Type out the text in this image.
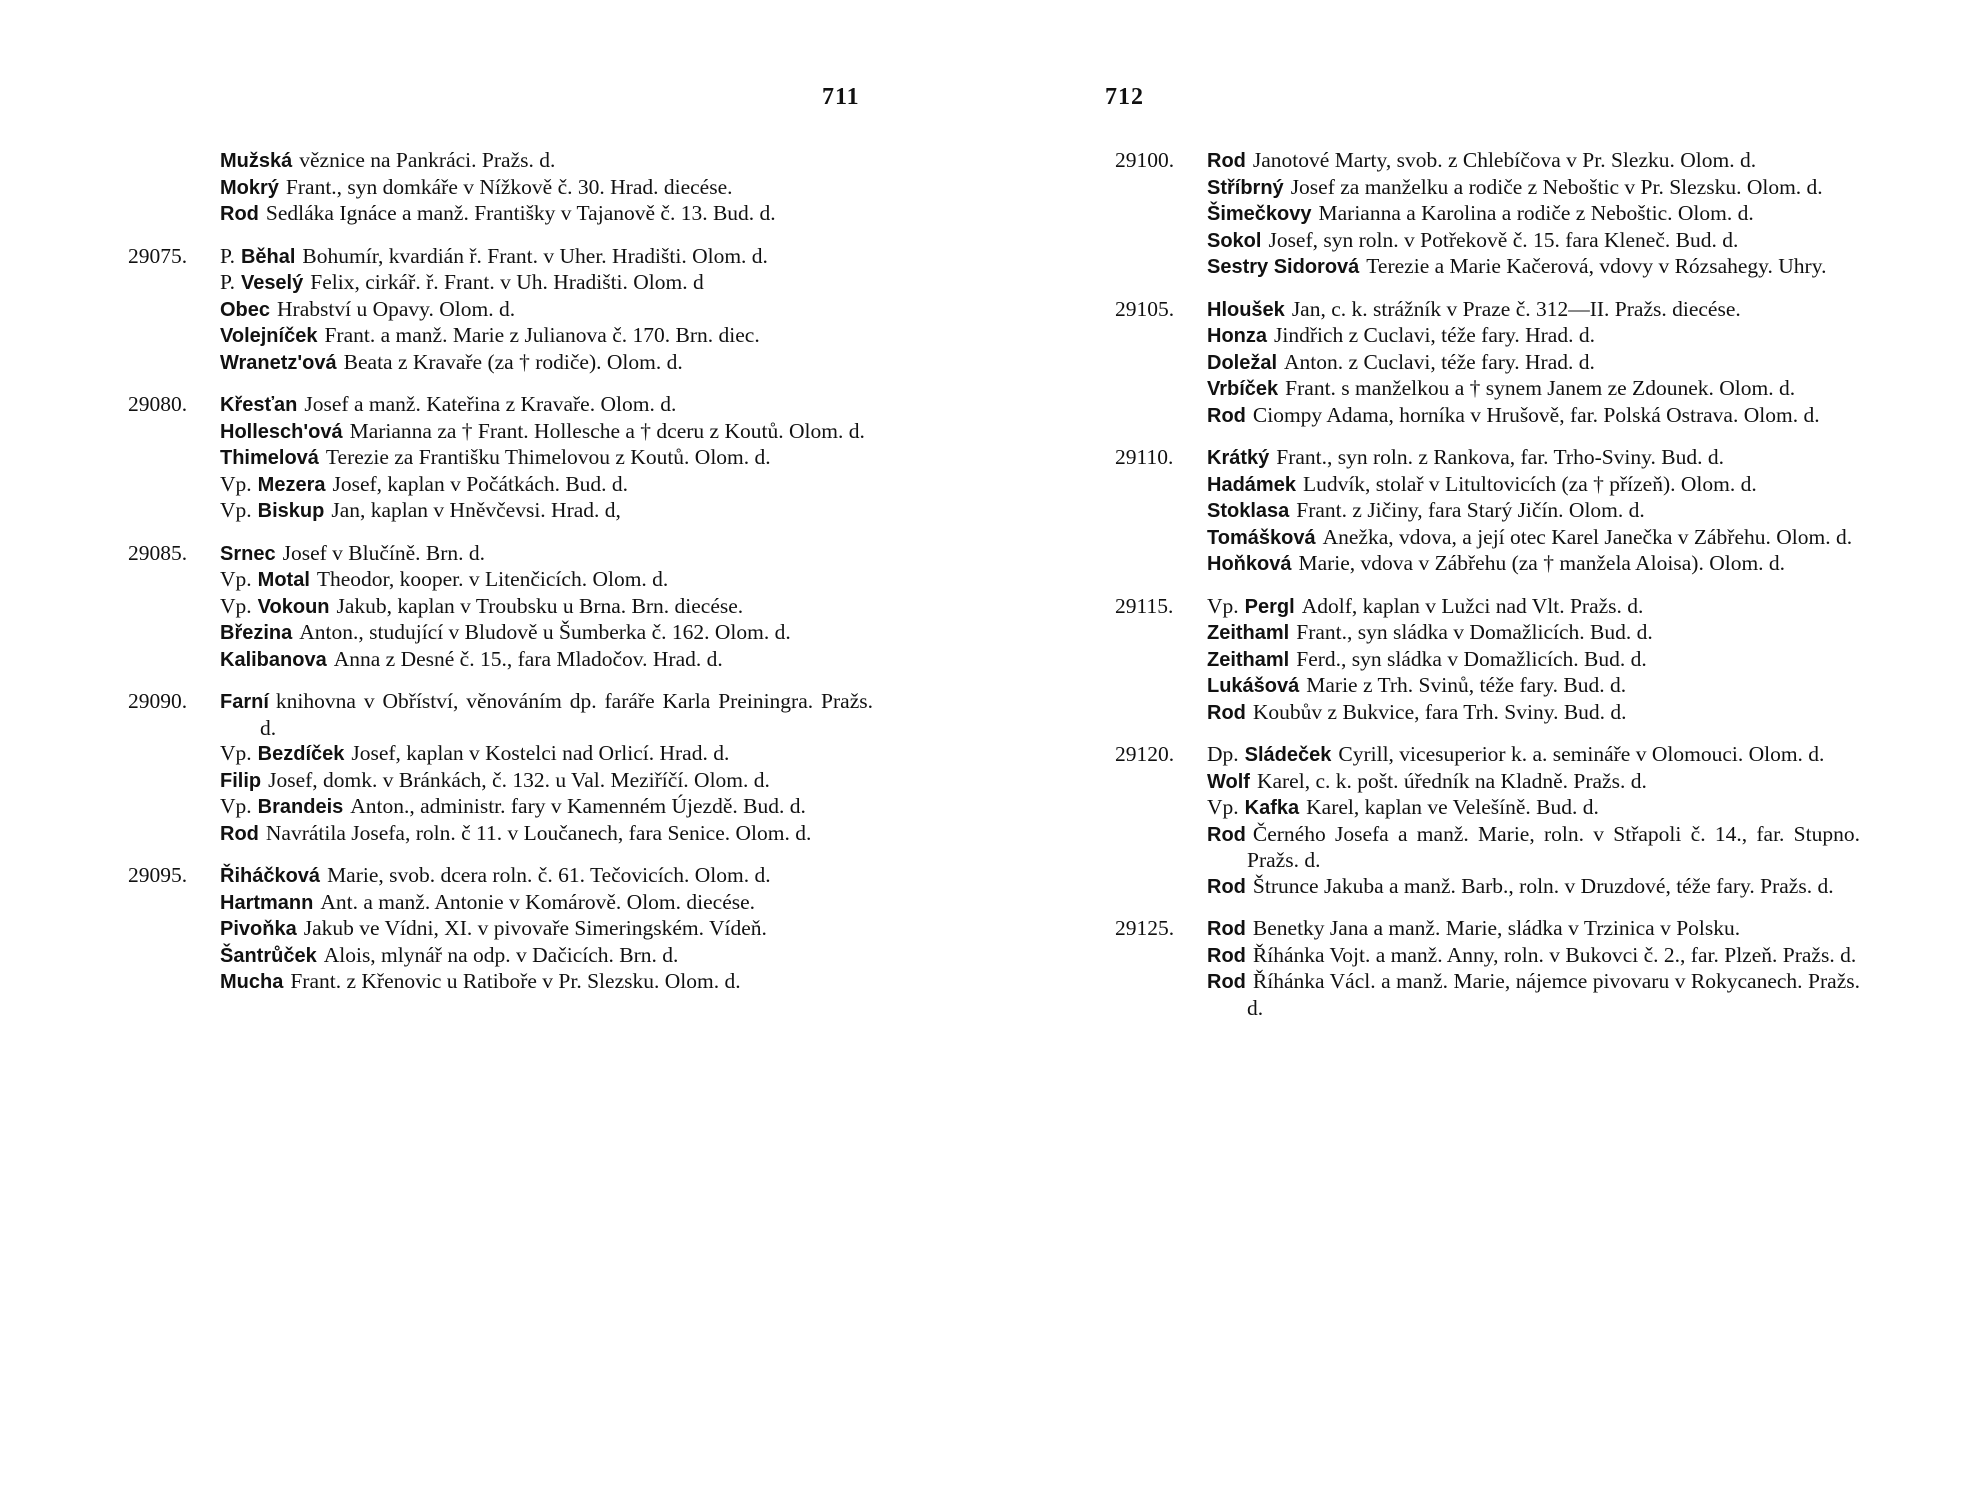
711

Mužská věznice na Pankráci. Pražs. d.

Mokrý Frant., syn domkáře v Nížkově č. 30. Hrad. diecése.

Rod Sedláka Ignáce a manž. Františky v Tajanově č. 13. Bud. d.

29075.	P. Běhal Bohumír, kvardián ř. Frant. v Uher. Hradišti. Olom. d.

P. Veselý Felix, cirkář. ř. Frant. v Uh. Hradišti. Olom. d

Obec Hrabství u Opavy. Olom. d.

Volejníček Frant. a manž. Marie z Julianova č. 170. Brn. diec.

Wranetz'ová Beata z Kravaře (za † rodiče). Olom. d.

29080.	Křesťan Josef a manž. Kateřina z Kravaře. Olom. d.

Hollesch'ová Marianna za † Frant. Hollesche a † dceru z Koutů. Olom. d.

Thimelová Terezie za Františku Thimelovou z Koutů. Olom. d.

Vp. Mezera Josef, kaplan v Počátkách. Bud. d.

Vp. Biskup Jan, kaplan v Hněvčevsi. Hrad. d,

29085.	Srnec Josef v Blučíně. Brn. d.

Vp. Motal Theodor, kooper. v Litenčicích. Olom. d.

Vp. Vokoun Jakub, kaplan v Troubsku u Brna. Brn. diecése.

Březina Anton., studující v Bludově u Šumberka č. 162. Olom. d.

Kalibanova Anna z Desné č. 15., fara Mladočov. Hrad. d.

29090.	Farní knihovna v Obříství, věnováním dp. faráře Karla Preiningra. Pražs. d.

Vp. Bezdíček Josef, kaplan v Kostelci nad Orlicí. Hrad. d.

Filip Josef, domk. v Bránkách, č. 132. u Val. Meziříčí. Olom. d.

Vp. Brandeis Anton., administr. fary v Kamenném Újezdě. Bud. d.

Rod Navrátila Josefa, roln. č 11. v Loučanech, fara Senice. Olom. d.

29095.	Řiháčková Marie, svob. dcera roln. č. 61. Tečovicích. Olom. d.

Hartmann Ant. a manž. Antonie v Komárově. Olom. diecése.

Pivoňka Jakub ve Vídni, XI. v pivovaře Simeringském. Vídeň.

Šantrůček Alois, mlynář na odp. v Dačicích. Brn. d.

Mucha Frant. z Křenovic u Ratibořе v Pr. Slezsku. Olom. d.

712
29100.	Rod Janotové Marty, svob. z Chlebíčova v Pr. Slezku. Olom. d.

Stříbrný Josef za manželku a rodiče z Neboštic v Pr. Slezsku. Olom. d.

Šimečkovy Marianna a Karolina a rodiče z Neboštic. Olom. d.

Sokol Josef, syn roln. v Potřekově č. 15. fara Kleneč. Bud. d.

Sestry Sidorová Terezie a Marie Kačerová, vdovy v Rózsahegy. Uhry.

29105.	Hloušek Jan, c. k. strážník v Praze č. 312—II. Pražs. diecése.

Honza Jindřich z Cuclavi, téže fary. Hrad. d.

Doležal Anton. z Cuclavi, téže fary. Hrad. d.

Vrbíček Frant. s manželkou a † synem Janem ze Zdounek. Olom. d.

Rod Ciompy Adama, horníka v Hrušově, far. Polská Ostrava. Olom. d.

29110.	Krátký Frant., syn roln. z Rankova, far. Trho-Sviny. Bud. d.

Hadámek Ludvík, stolař v Litultovicích (za † přízeň). Olom. d.

Stoklasa Frant. z Jičiny, fara Starý Jičín. Olom. d.

Tomášková Anežka, vdova, a její otec Karel Janečka v Zábřehu. Olom. d.

Hoňková Marie, vdova v Zábřehu (za † manžela Aloisa). Olom. d.

29115.	Vp. Pergl Adolf, kaplan v Lužci nad Vlt. Pražs. d.

Zeithaml Frant., syn sládka v Domažlicích. Bud. d.

Zeithaml Ferd., syn sládka v Domažlicích. Bud. d.

Lukášová Marie z Trh. Svinů, téže fary. Bud. d.

Rod Koubův z Bukvice, fara Trh. Sviny. Bud. d.

29120.	Dp. Sládeček Cyrill, vicesuperior k. a. semináře v Olomouci. Olom. d.

Wolf Karel, c. k. pošt. úředník na Kladně. Pražs. d.

Vp. Kafka Karel, kaplan ve Velešíně. Bud. d.

Rod Černého Josefa a manž. Marie, roln. v Střapoli č. 14., far. Stupno. Pražs. d.

Rod Štrunce Jakuba a manž. Barb., roln. v Druzdové, téže fary. Pražs. d.

29125.	Rod Benetky Jana a manž. Marie, sládka v Trzinica v Polsku.

Rod Říhánka Vojt. a manž. Anny, roln. v Bukovci č. 2., far. Plzeň. Pražs. d.

Rod Říhánka Václ. a manž. Marie, nájemce pivovaru v Rokycanech. Pražs. d.
